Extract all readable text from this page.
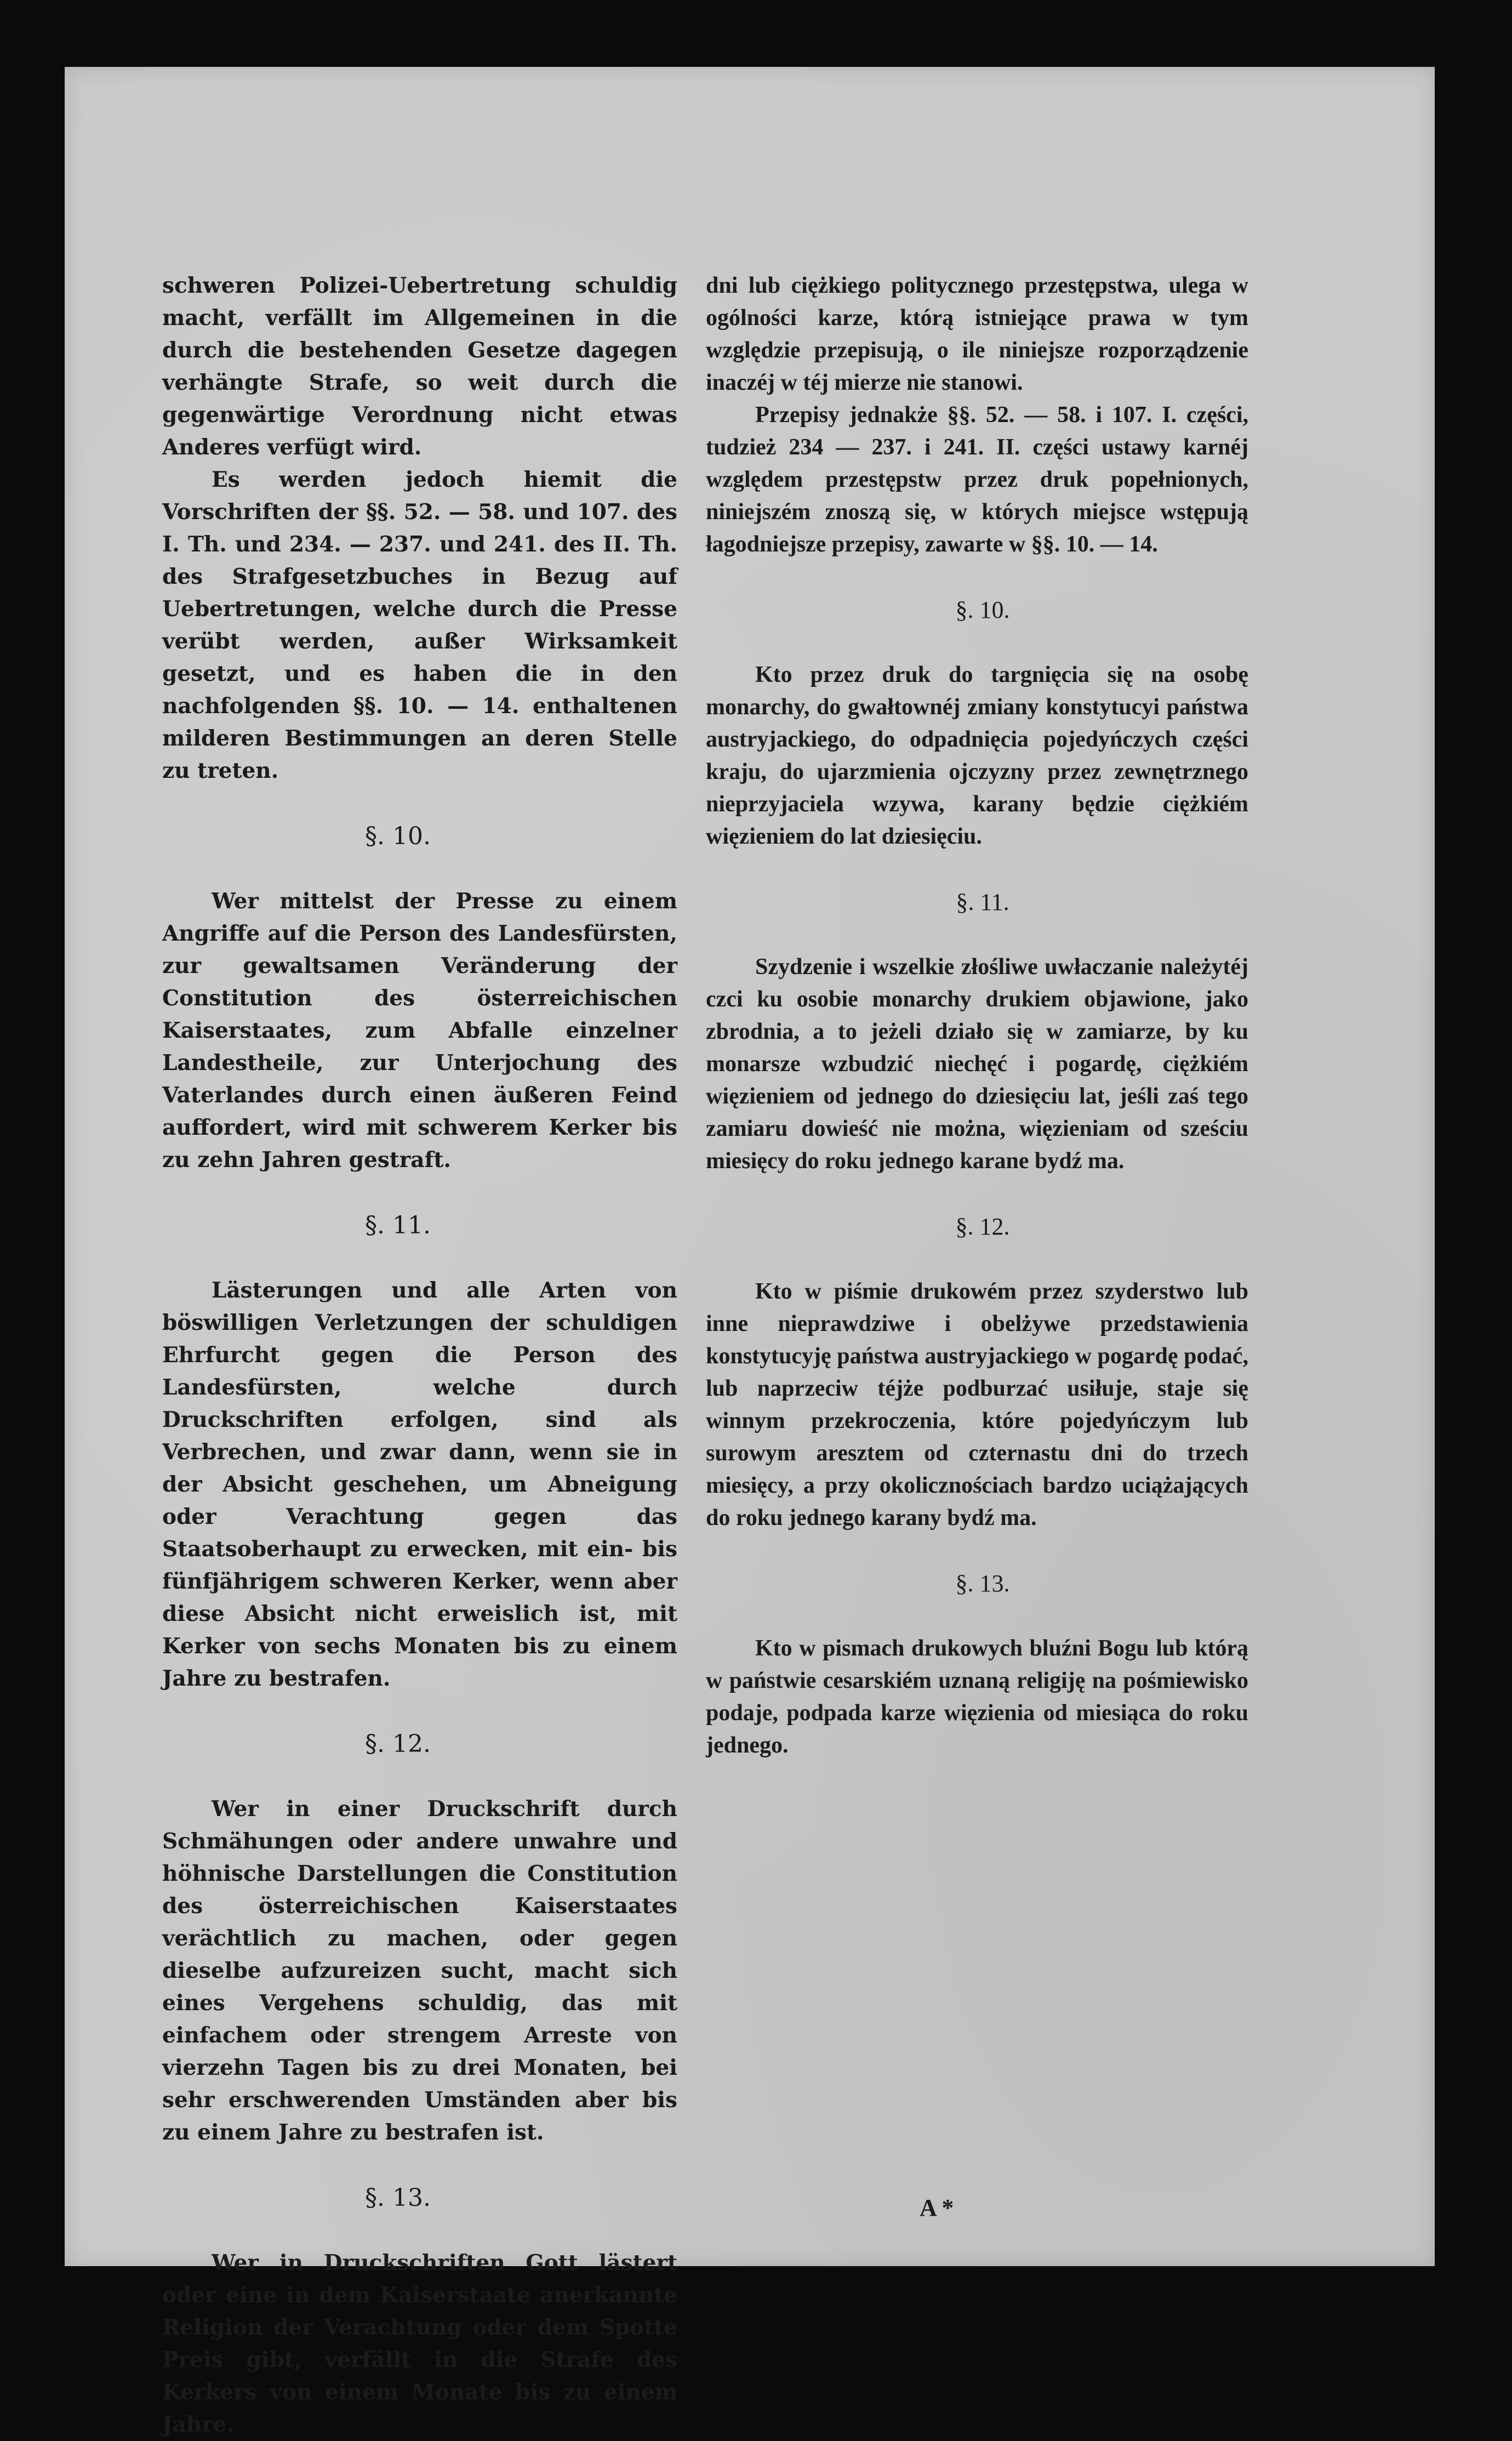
schweren Polizei-Uebertretung schuldig macht, verfällt im Allgemeinen in die durch die bestehenden Gesetze dagegen verhängte Strafe, so weit durch die gegenwärtige Verordnung nicht etwas Anderes verfügt wird.

Es werden jedoch hiemit die Vorschriften der §§. 52. — 58. und 107. des I. Th. und 234. — 237. und 241. des II. Th. des Strafgesetzbuches in Bezug auf Uebertretungen, welche durch die Presse verübt werden, außer Wirksamkeit gesetzt, und es haben die in den nachfolgenden §§. 10. — 14. enthaltenen milderen Bestimmungen an deren Stelle zu treten.

§. 10.

Wer mittelst der Presse zu einem Angriffe auf die Person des Landesfürsten, zur gewaltsamen Veränderung der Constitution des österreichischen Kaiserstaates, zum Abfalle einzelner Landestheile, zur Unterjochung des Vaterlandes durch einen äußeren Feind auffordert, wird mit schwerem Kerker bis zu zehn Jahren gestraft.

§. 11.

Lästerungen und alle Arten von böswilligen Verletzungen der schuldigen Ehrfurcht gegen die Person des Landesfürsten, welche durch Druckschriften erfolgen, sind als Verbrechen, und zwar dann, wenn sie in der Absicht geschehen, um Abneigung oder Verachtung gegen das Staatsoberhaupt zu erwecken, mit ein- bis fünfjährigem schweren Kerker, wenn aber diese Absicht nicht erweislich ist, mit Kerker von sechs Monaten bis zu einem Jahre zu bestrafen.

§. 12.

Wer in einer Druckschrift durch Schmähungen oder andere unwahre und höhnische Darstellungen die Constitution des österreichischen Kaiserstaates verächtlich zu machen, oder gegen dieselbe aufzureizen sucht, macht sich eines Vergehens schuldig, das mit einfachem oder strengem Arreste von vierzehn Tagen bis zu drei Monaten, bei sehr erschwerenden Umständen aber bis zu einem Jahre zu bestrafen ist.

§. 13.

Wer in Druckschriften Gott lästert oder eine in dem Kaiserstaate anerkannte Religion der Verachtung oder dem Spotte Preis gibt, verfällt in die Strafe des Kerkers von einem Monate bis zu einem Jahre.

dni lub ciężkiego politycznego przestępstwa, ulega w ogólności karze, którą istniejące prawa w tym względzie przepisują, o ile niniejsze rozporządzenie inaczéj w téj mierze nie stanowi.

Przepisy jednakże §§. 52. — 58. i 107. I. części, tudzież 234 — 237. i 241. II. części ustawy karnéj względem przestępstw przez druk popełnionych, niniejszém znoszą się, w których miejsce wstępują łagodniejsze przepisy, zawarte w §§. 10. — 14.

§. 10.

Kto przez druk do targnięcia się na osobę monarchy, do gwałtownéj zmiany konstytucyi państwa austryjackiego, do odpadnięcia pojedyńczych części kraju, do ujarzmienia ojczyzny przez zewnętrznego nieprzyjaciela wzywa, karany będzie ciężkiém więzieniem do lat dziesięciu.

§. 11.

Szydzenie i wszelkie złośliwe uwłaczanie należytéj czci ku osobie monarchy drukiem objawione, jako zbrodnia, a to jeżeli działo się w zamiarze, by ku monarsze wzbudzić niechęć i pogardę, ciężkiém więzieniem od jednego do dziesięciu lat, jeśli zaś tego zamiaru dowieść nie można, więzieniam od sześciu miesięcy do roku jednego karane bydź ma.

§. 12.

Kto w piśmie drukowém przez szyderstwo lub inne nieprawdziwe i obelżywe przedstawienia konstytucyję państwa austryjackiego w pogardę podać, lub naprzeciw téjże podburzać usiłuje, staje się winnym przekroczenia, które pojedyńczym lub surowym aresztem od czternastu dni do trzech miesięcy, a przy okolicznościach bardzo uciążających do roku jednego karany bydź ma.

§. 13.

Kto w pismach drukowych bluźni Bogu lub którą w państwie cesarskiém uznaną religiję na pośmiewisko podaje, podpada karze więzienia od miesiąca do roku jednego.

A *
